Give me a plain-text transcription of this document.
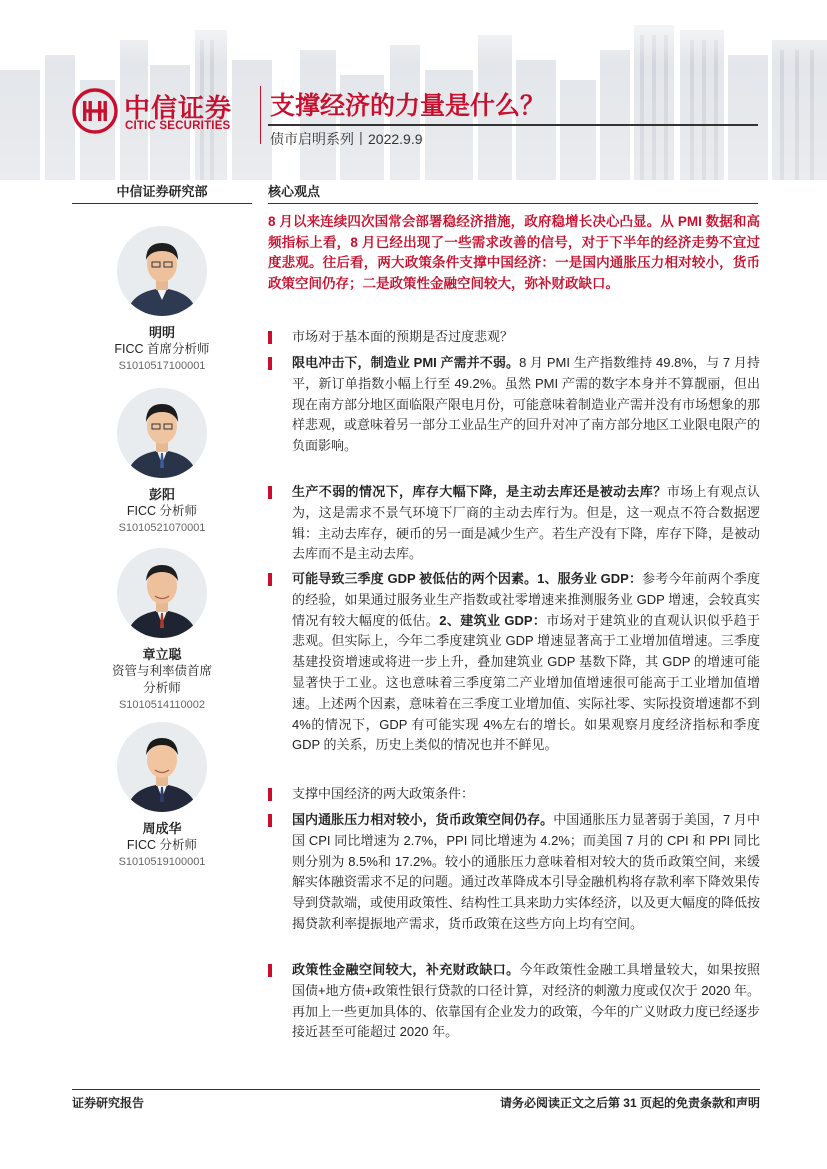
中信证券
CITIC SECURITIES
支撑经济的力量是什么？
债市启明系列丨2022.9.9
中信证券研究部	核心观点
明明
FICC 首席分析师
S1010517100001
彭阳
FICC 分析师
S1010521070001
章立聪
资管与利率债首席
分析师
S1010514110002
周成华
FICC 分析师
S1010519100001
8 月以来连续四次国常会部署稳经济措施，政府稳增长决心凸显。从 PMI 数据和高频指标上看，8 月已经出现了一些需求改善的信号，对于下半年的经济走势不宜过度悲观。往后看，两大政策条件支撑中国经济：一是国内通胀压力相对较小，货币政策空间仍存；二是政策性金融空间较大，弥补财政缺口。
市场对于基本面的预期是否过度悲观？
限电冲击下，制造业 PMI 产需并不弱。8 月 PMI 生产指数维持 49.8%，与 7 月持平，新订单指数小幅上行至 49.2%。虽然 PMI 产需的数字本身并不算靓丽，但出现在南方部分地区面临限产限电月份，可能意味着制造业产需并没有市场想象的那样悲观，或意味着另一部分工业品生产的回升对冲了南方部分地区工业限电限产的负面影响。
生产不弱的情况下，库存大幅下降，是主动去库还是被动去库？市场上有观点认为，这是需求不景气环境下厂商的主动去库行为。但是，这一观点不符合数据逻辑：主动去库存，硬币的另一面是减少生产。若生产没有下降，库存下降，是被动去库而不是主动去库。
可能导致三季度 GDP 被低估的两个因素。1、服务业 GDP：参考今年前两个季度的经验，如果通过服务业生产指数或社零增速来推测服务业 GDP 增速，会较真实情况有较大幅度的低估。2、建筑业 GDP：市场对于建筑业的直观认识似乎趋于悲观。但实际上，今年二季度建筑业 GDP 增速显著高于工业增加值增速。三季度基建投资增速或将进一步上升，叠加建筑业 GDP 基数下降，其 GDP 的增速可能显著快于工业。这也意味着三季度第二产业增加值增速很可能高于工业增加值增速。上述两个因素，意味着在三季度工业增加值、实际社零、实际投资增速都不到 4%的情况下，GDP 有可能实现 4%左右的增长。如果观察月度经济指标和季度 GDP 的关系，历史上类似的情况也并不鲜见。
支撑中国经济的两大政策条件：
国内通胀压力相对较小，货币政策空间仍存。中国通胀压力显著弱于美国，7 月中国 CPI 同比增速为 2.7%，PPI 同比增速为 4.2%；而美国 7 月的 CPI 和 PPI 同比则分别为 8.5%和 17.2%。较小的通胀压力意味着相对较大的货币政策空间，来缓解实体融资需求不足的问题。通过改革降成本引导金融机构将存款利率下降效果传导到贷款端，或使用政策性、结构性工具来助力实体经济，以及更大幅度的降低按揭贷款利率提振地产需求，货币政策在这些方向上均有空间。
政策性金融空间较大，补充财政缺口。今年政策性金融工具增量较大，如果按照国债+地方债+政策性银行贷款的口径计算，对经济的刺激力度或仅次于 2020 年。再加上一些更加具体的、依靠国有企业发力的政策，今年的广义财政力度已经逐步接近甚至可能超过 2020 年。
证券研究报告	请务必阅读正文之后第 31 页起的免责条款和声明
